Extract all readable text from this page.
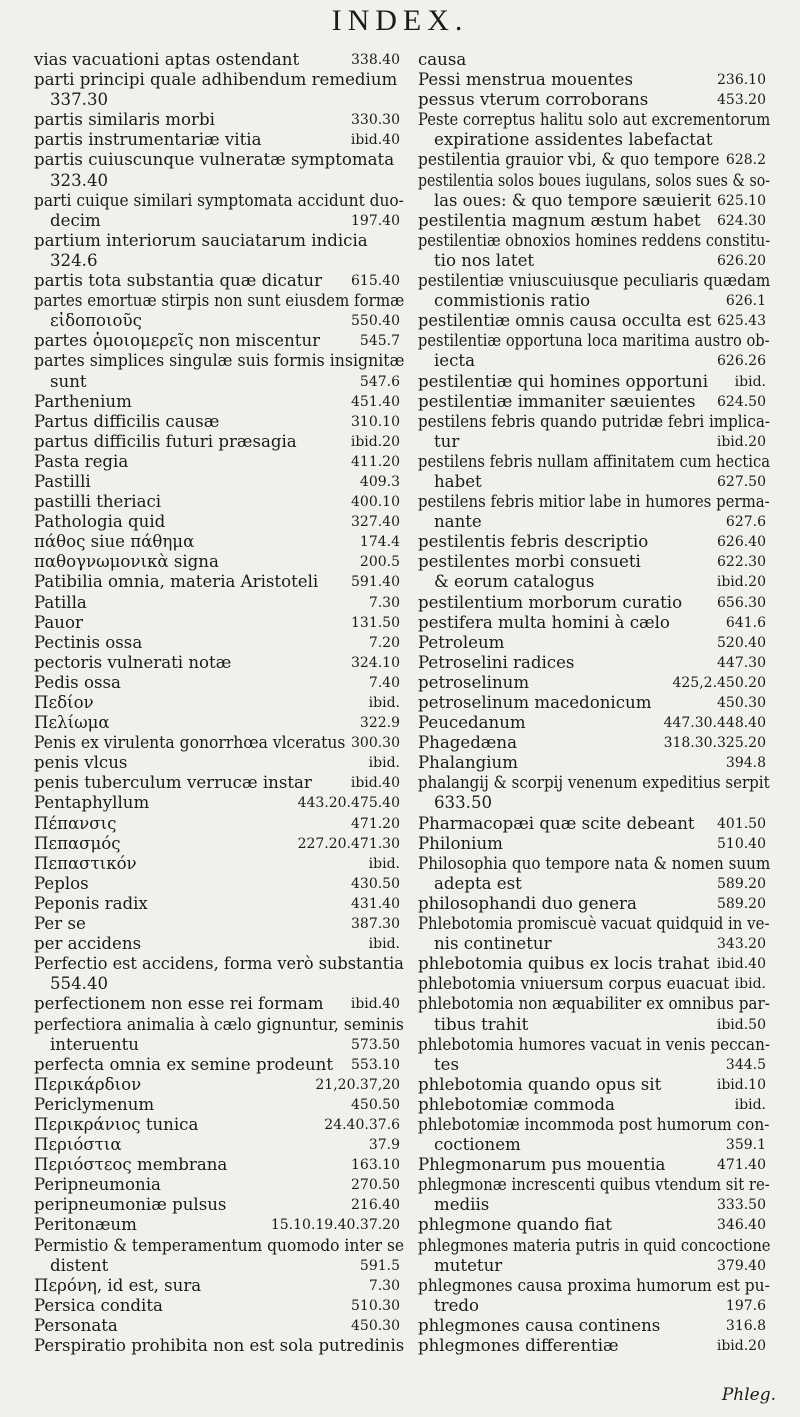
INDEX.
vias vacuationi aptas ostendant	338.40
parti principi quale adhibendum remedium
337.30
partis similaris morbi	330.30
partis instrumentariæ vitia	ibid.40
partis cuiuscunque vulneratæ symptomata
323.40
parti cuique similari symptomata accidunt duo-
decim	197.40
partium interiorum sauciatarum indicia
324.6
partis tota substantia quæ dicatur 615.40
partes emortuæ stirpis non sunt eiusdem formæ
εἰδοποιοῦς	550.40
partes ὁμοιομερεῖς non miscentur	545.7
partes simplices singulæ suis formis insignitæ
sunt	547.6
Parthenium	451.40
Partus difficilis causæ	310.10
partus difficilis futuri præsagia	ibid.20
Pasta regia	411.20
Pastilli	409.3
pastilli theriaci	400.10
Pathologia quid	327.40
πάθος siue πάθημα	174.4
παθογνωμονικὰ signa	200.5
Patibilia omnia, materia Aristoteli 591.40
Patilla	7.30
Pauor	131.50
Pectinis ossa	7.20
pectoris vulnerati notæ	324.10
Pedis ossa	7.40
Πεδίον	ibid.
Πελίωμα	322.9
Penis ex virulenta gonorrhœa vlceratus 300.30
penis vlcus	ibid.
penis tuberculum verrucæ instar	ibid.40
Pentaphyllum	443.20.475.40
Πέπανσις	471.20
Πεπασμός	227.20.471.30
Πεπαστικόν	ibid.
Peplos	430.50
Peponis radix	431.40
Per se	387.30
per accidens	ibid.
Perfectio est accidens, forma verò substantia
554.40
perfectionem non esse rei formam ibid.40
perfectiora animalia à cælo gignuntur, seminis
interuentu	573.50
perfecta omnia ex semine prodeunt 553.10
Περικάρδιον	21,20.37,20
Periclymenum	450.50
Περικράνιος tunica	24.40.37.6
Περιόστια	37.9
Περιόστεος membrana	163.10
Peripneumonia	270.50
peripneumoniæ pulsus	216.40
Peritonæum	15.10.19.40.37.20
Permistio & temperamentum quomodo inter se
distent	591.5
Περόνη, id est, sura	7.30
Persica condita	510.30
Personata	450.30
Perspiratio prohibita non est sola putredinis
causa
Pessi menstrua mouentes	236.10
pessus vterum corroborans	453.20
Peste correptus halitu solo aut excrementorum
expiratione assidentes labefactat
pestilentia grauior vbi, & quo tempore 628.2
pestilentia solos boues iugulans, solos sues & so-
las oues: & quo tempore sæuierit 625.10
pestilentia magnum æstum habet 624.30
pestilentiæ obnoxios homines reddens constitu-
tio nos latet	626.20
pestilentiæ vniuscuiusque peculiaris quædam
commistionis ratio	626.1
pestilentiæ omnis causa occulta est 625.43
pestilentiæ opportuna loca maritima austro ob-
iecta	626.26
pestilentiæ qui homines opportuni ibid.
pestilentiæ immaniter sæuientes 624.50
pestilens febris quando putridæ febri implica-
tur	ibid.20
pestilens febris nullam affinitatem cum hectica
habet	627.50
pestilens febris mitior labe in humores perma-
nante	627.6
pestilentis febris descriptio	626.40
pestilentes morbi consueti	622.30
& eorum catalogus	ibid.20
pestilentium morborum curatio 656.30
pestifera multa homini à cælo	641.6
Petroleum	520.40
Petroselini radices	447.30
petroselinum	425,2.450.20
petroselinum macedonicum	450.30
Peucedanum	447.30.448.40
Phagedæna	318.30.325.20
Phalangium	394.8
phalangij & scorpij venenum expeditius serpit
633.50
Pharmacopæi quæ scite debeant 401.50
Philonium	510.40
Philosophia quo tempore nata & nomen suum
adepta est	589.20
philosophandi duo genera	589.20
Phlebotomia promiscuè vacuat quidquid in ve-
nis continetur	343.20
phlebotomia quibus ex locis trahat ibid.40
phlebotomia vniuersum corpus euacuat ibid.
phlebotomia non æquabiliter ex omnibus par-
tibus trahit	ibid.50
phlebotomia humores vacuat in venis peccan-
tes	344.5
phlebotomia quando opus sit	ibid.10
phlebotomiæ commoda	ibid.
phlebotomiæ incommoda post humorum con-
coctionem	359.1
Phlegmonarum pus mouentia	471.40
phlegmonæ increscenti quibus vtendum sit re-
mediis	333.50
phlegmone quando fiat	346.40
phlegmones materia putris in quid concoctione
mutetur	379.40
phlegmones causa proxima humorum est pu-
tredo	197.6
phlegmones causa continens	316.8
phlegmones differentiæ	ibid.20
Phleg.
